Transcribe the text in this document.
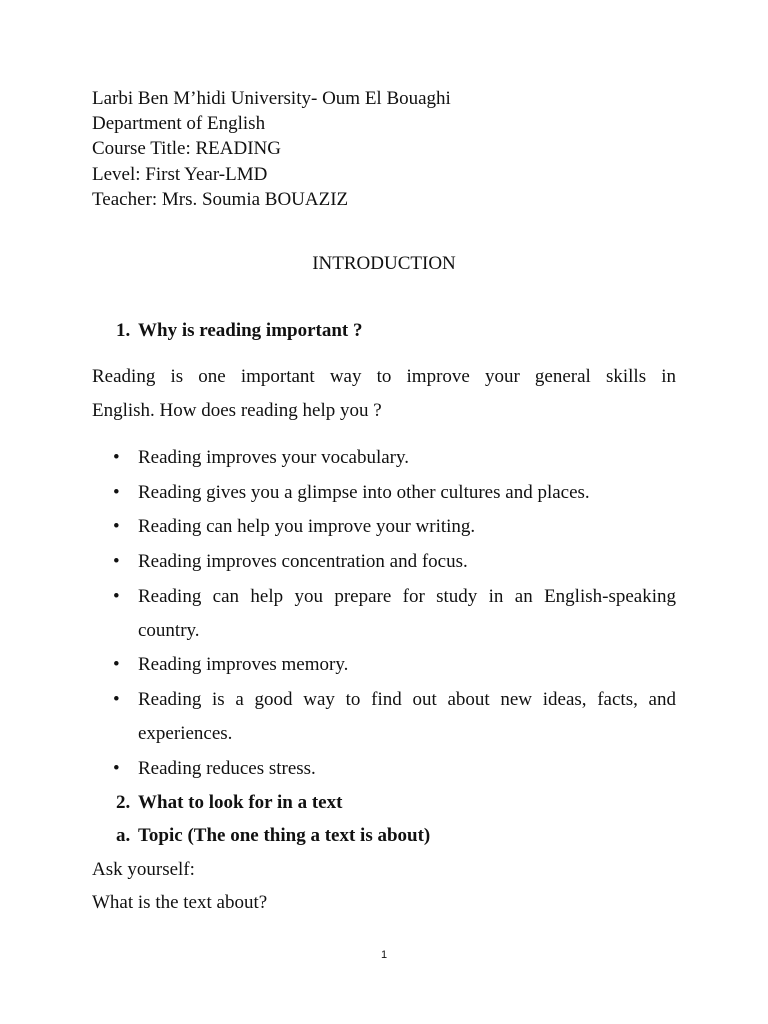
Larbi Ben M’hidi University- Oum El Bouaghi
Department of English
Course Title: READING
Level: First Year-LMD
Teacher: Mrs. Soumia BOUAZIZ
INTRODUCTION
1. Why is reading important ?
Reading is one important way to improve your general skills in
English. How does reading help you ?
• Reading improves your vocabulary.
• Reading gives you a glimpse into other cultures and places.
• Reading can help you improve your writing.
• Reading improves concentration and focus.
• Reading can help you prepare for study in an English-speaking
country.
• Reading improves memory.
• Reading is a good way to find out about new ideas, facts, and
experiences.
• Reading reduces stress.
2. What to look for in a text
a. Topic (The one thing a text is about)
Ask yourself:
What is the text about?
1
